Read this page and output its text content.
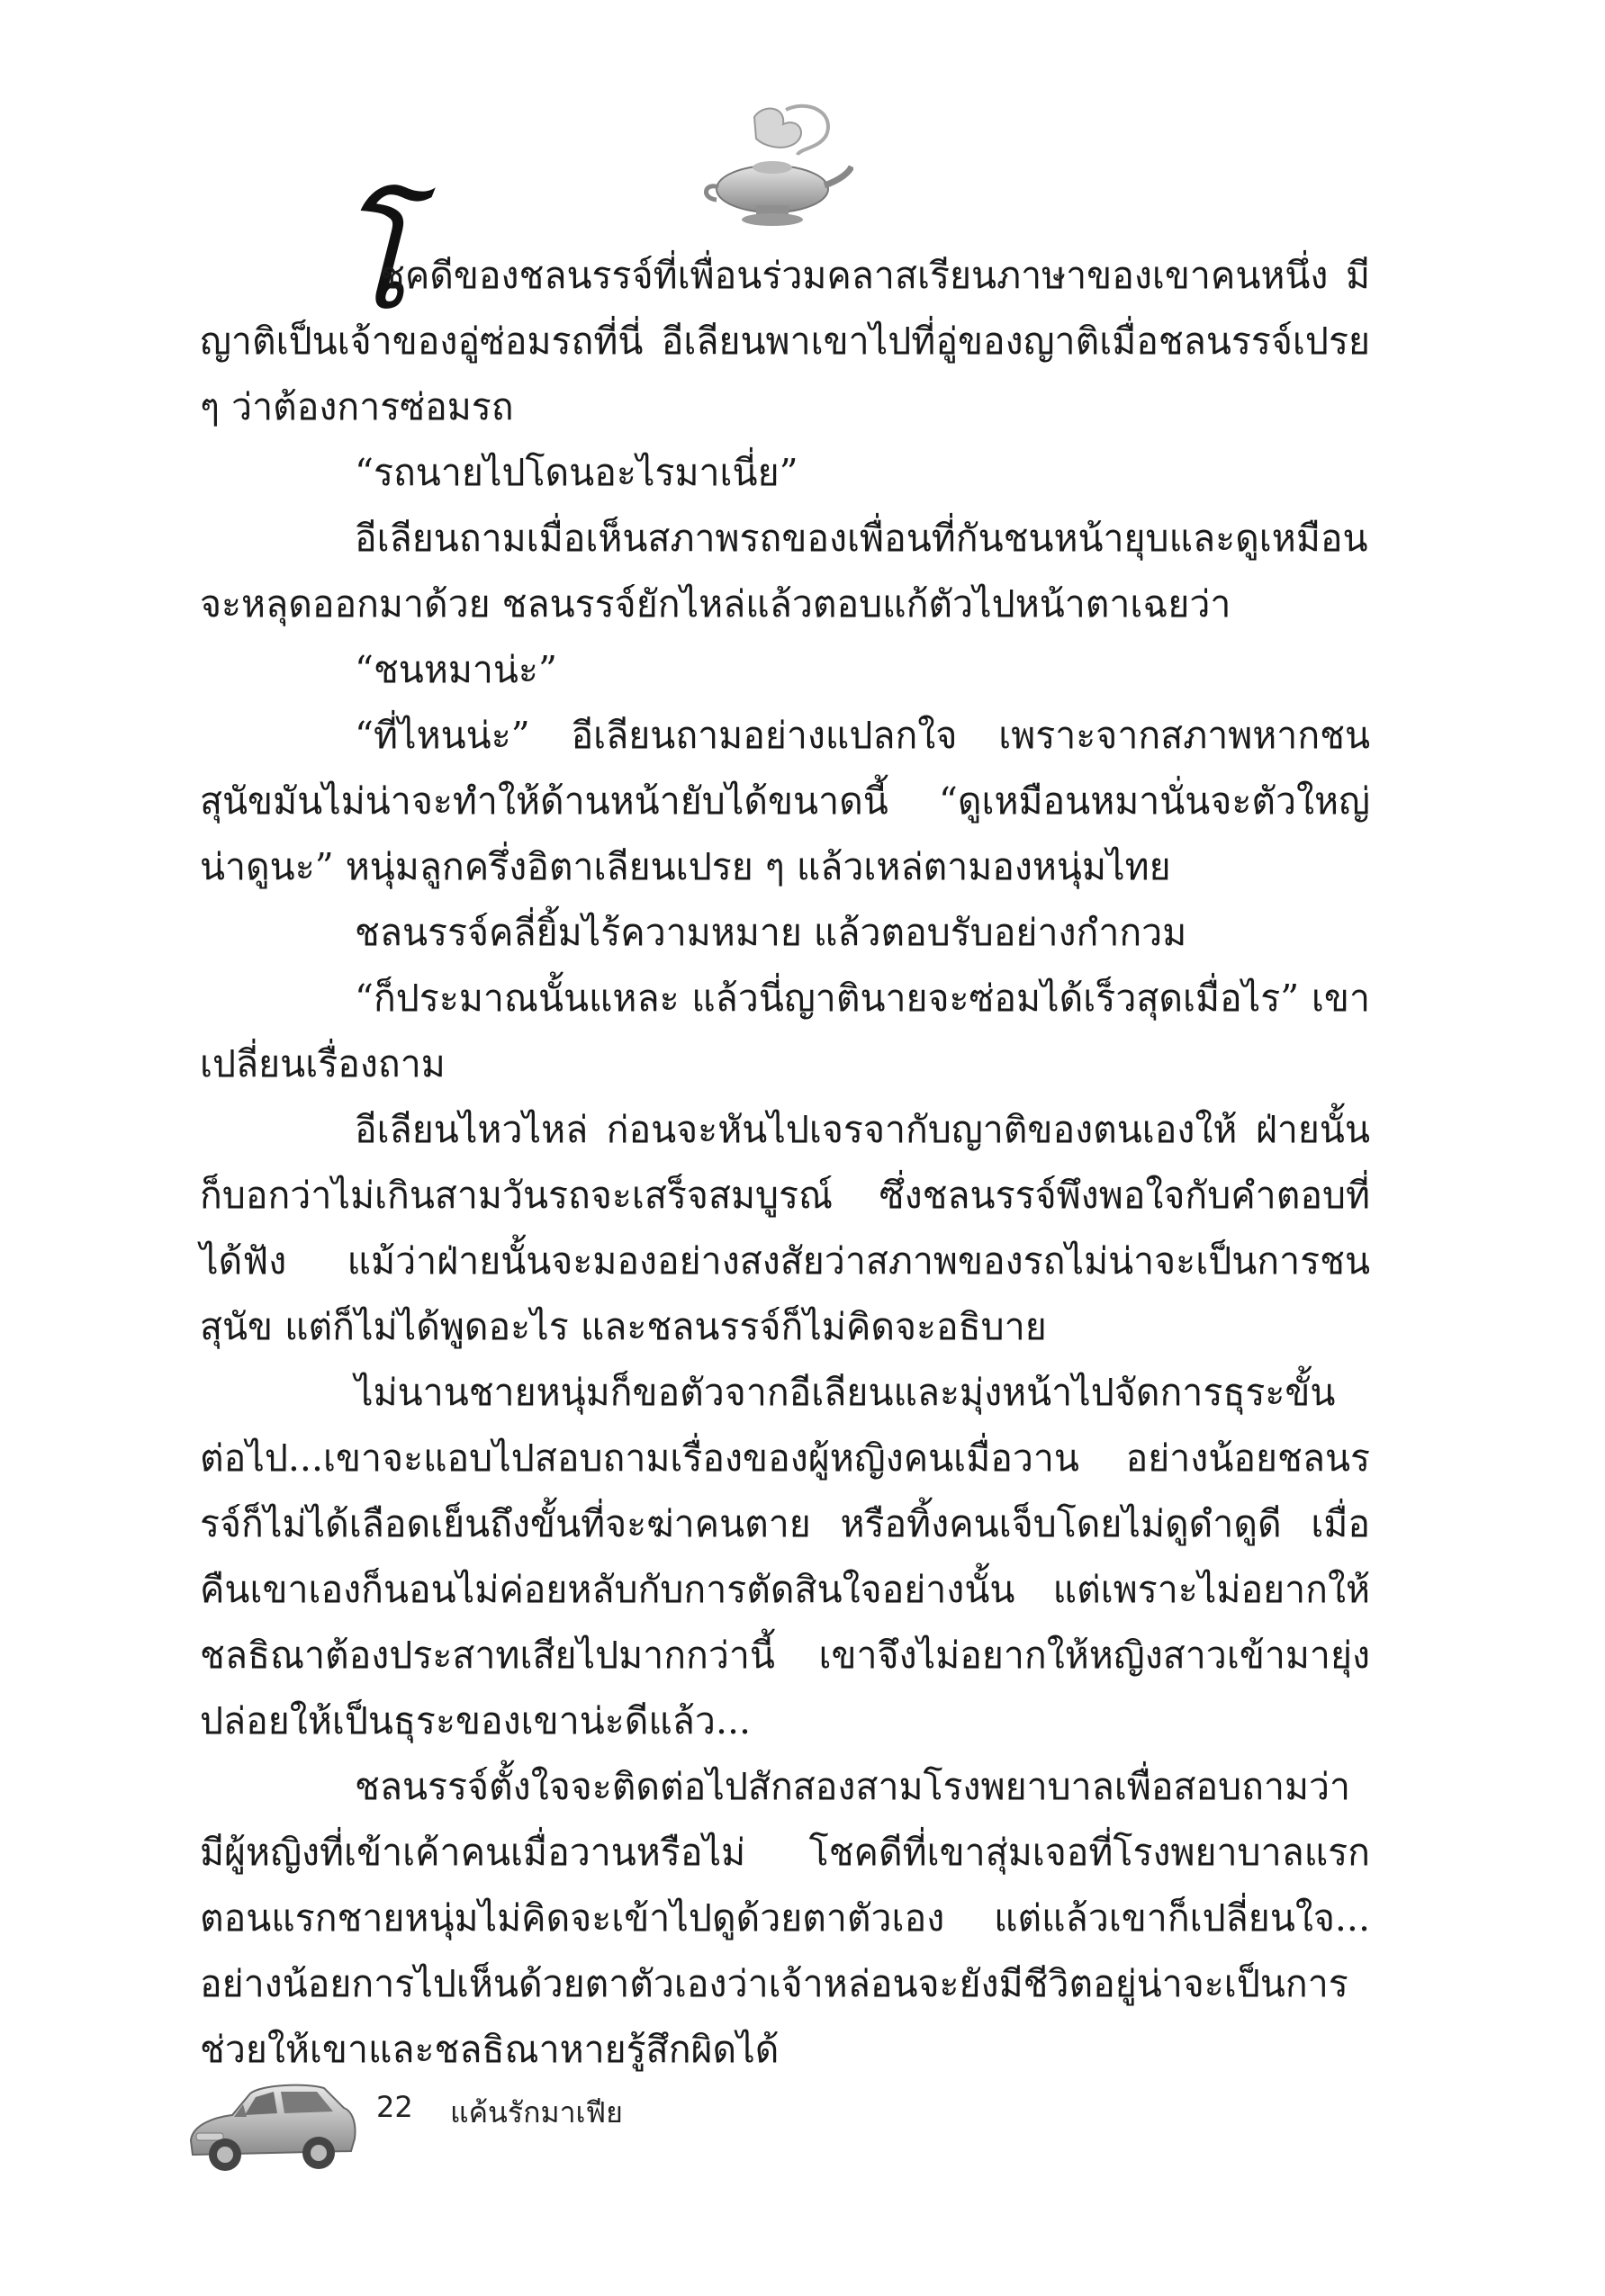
โ

ชคดีของชลนรรจ์ที่เพื่อนร่วมคลาสเรียนภาษาของเขาคนหนึ่ง มีญาติเป็นเจ้าของอู่ซ่อมรถที่นี่ อีเลียนพาเขาไปที่อู่ของญาติเมื่อชลนรรจ์เปรย ๆ ว่าต้องการซ่อมรถ

“รถนายไปโดนอะไรมาเนี่ย”

อีเลียนถามเมื่อเห็นสภาพรถของเพื่อนที่กันชนหน้ายุบและดูเหมือนจะหลุดออกมาด้วย ชลนรรจ์ยักไหล่แล้วตอบแก้ตัวไปหน้าตาเฉยว่า

“ชนหมาน่ะ”

“ที่ไหนน่ะ” อีเลียนถามอย่างแปลกใจ เพราะจากสภาพหากชนสุนัขมันไม่น่าจะทำให้ด้านหน้ายับได้ขนาดนี้ “ดูเหมือนหมานั่นจะตัวใหญ่น่าดูนะ” หนุ่มลูกครึ่งอิตาเลียนเปรย ๆ แล้วเหล่ตามองหนุ่มไทย

ชลนรรจ์คลี่ยิ้มไร้ความหมาย แล้วตอบรับอย่างกำกวม

“ก็ประมาณนั้นแหละ แล้วนี่ญาตินายจะซ่อมได้เร็วสุดเมื่อไร” เขาเปลี่ยนเรื่องถาม

อีเลียนไหวไหล่ ก่อนจะหันไปเจรจากับญาติของตนเองให้ ฝ่ายนั้นก็บอกว่าไม่เกินสามวันรถจะเสร็จสมบูรณ์ ซึ่งชลนรรจ์พึงพอใจกับคำตอบที่ได้ฟัง แม้ว่าฝ่ายนั้นจะมองอย่างสงสัยว่าสภาพของรถไม่น่าจะเป็นการชนสุนัข แต่ก็ไม่ได้พูดอะไร และชลนรรจ์ก็ไม่คิดจะอธิบาย

ไม่นานชายหนุ่มก็ขอตัวจากอีเลียนและมุ่งหน้าไปจัดการธุระขั้นต่อไป...เขาจะแอบไปสอบถามเรื่องของผู้หญิงคนเมื่อวาน อย่างน้อยชลนรรจ์ก็ไม่ได้เลือดเย็นถึงขั้นที่จะฆ่าคนตาย หรือทิ้งคนเจ็บโดยไม่ดูดำดูดี เมื่อคืนเขาเองก็นอนไม่ค่อยหลับกับการตัดสินใจอย่างนั้น แต่เพราะไม่อยากให้ชลธิณาต้องประสาทเสียไปมากกว่านี้ เขาจึงไม่อยากให้หญิงสาวเข้ามายุ่ง ปล่อยให้เป็นธุระของเขาน่ะดีแล้ว...

ชลนรรจ์ตั้งใจจะติดต่อไปสักสองสามโรงพยาบาลเพื่อสอบถามว่ามีผู้หญิงที่เข้าเค้าคนเมื่อวานหรือไม่ โชคดีที่เขาสุ่มเจอที่โรงพยาบาลแรก ตอนแรกชายหนุ่มไม่คิดจะเข้าไปดูด้วยตาตัวเอง แต่แล้วเขาก็เปลี่ยนใจ... อย่างน้อยการไปเห็นด้วยตาตัวเองว่าเจ้าหล่อนจะยังมีชีวิตอยู่น่าจะเป็นการช่วยให้เขาและชลธิณาหายรู้สึกผิดได้

22 แค้นรักมาเฟีย
